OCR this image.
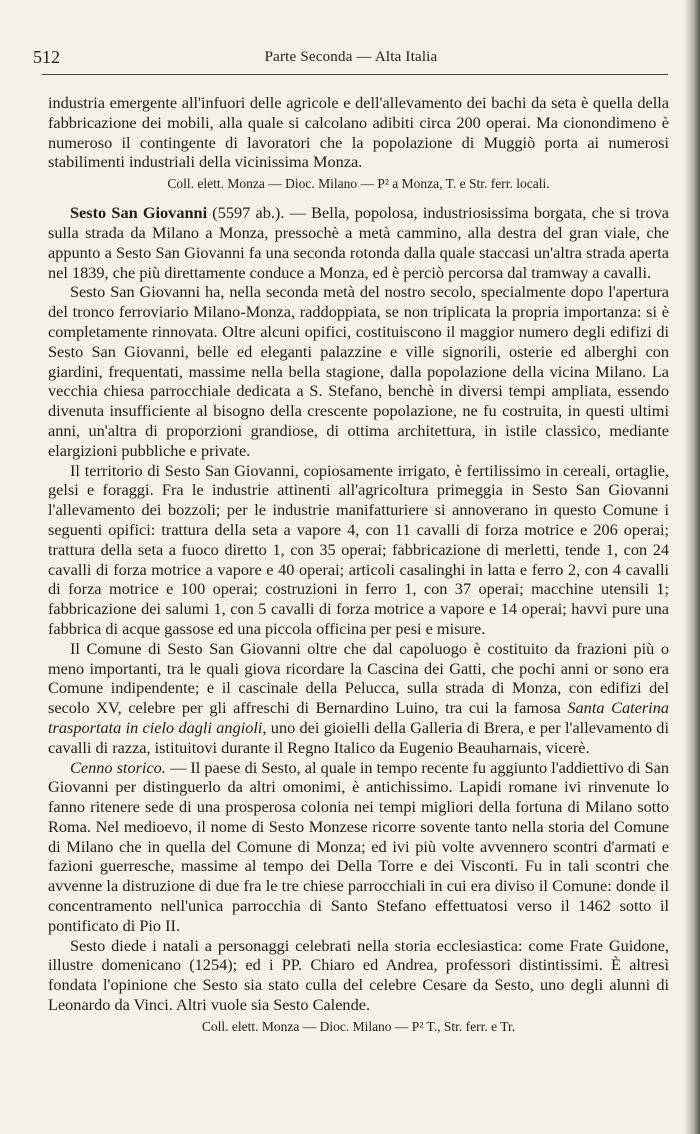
512	Parte Seconda — Alta Italia

industria emergente all'infuori delle agricole e dell'allevamento dei bachi da seta è quella della fabbricazione dei mobili, alla quale si calcolano adibiti circa 200 operai. Ma cionondimeno è numeroso il contingente di lavoratori che la popolazione di Muggiò porta ai numerosi stabilimenti industriali della vicinissima Monza.

Coll. elett. Monza — Dioc. Milano — P² a Monza, T. e Str. ferr. locali.

Sesto San Giovanni (5597 ab.). — Bella, popolosa, industriosissima borgata, che si trova sulla strada da Milano a Monza, pressochè a metà cammino, alla destra del gran viale, che appunto a Sesto San Giovanni fa una seconda rotonda dalla quale staccasi un'altra strada aperta nel 1839, che più direttamente conduce a Monza, ed è perciò percorsa dal tramway a cavalli.

Sesto San Giovanni ha, nella seconda metà del nostro secolo, specialmente dopo l'apertura del tronco ferroviario Milano-Monza, raddoppiata, se non triplicata la propria importanza: si è completamente rinnovata. Oltre alcuni opifici, costituiscono il maggior numero degli edifizi di Sesto San Giovanni, belle ed eleganti palazzine e ville signorili, osterie ed alberghi con giardini, frequentati, massime nella bella stagione, dalla popolazione della vicina Milano. La vecchia chiesa parrocchiale dedicata a S. Stefano, benchè in diversi tempi ampliata, essendo divenuta insufficiente al bisogno della crescente popolazione, ne fu costruita, in questi ultimi anni, un'altra di proporzioni grandiose, di ottima architettura, in istile classico, mediante elargizioni pubbliche e private.

Il territorio di Sesto San Giovanni, copiosamente irrigato, è fertilissimo in cereali, ortaglie, gelsi e foraggi. Fra le industrie attinenti all'agricoltura primeggia in Sesto San Giovanni l'allevamento dei bozzoli; per le industrie manifatturiere si annoverano in questo Comune i seguenti opifici: trattura della seta a vapore 4, con 11 cavalli di forza motrice e 206 operai; trattura della seta a fuoco diretto 1, con 35 operai; fabbricazione di merletti, tende 1, con 24 cavalli di forza motrice a vapore e 40 operai; articoli casalinghi in latta e ferro 2, con 4 cavalli di forza motrice e 100 operai; costruzioni in ferro 1, con 37 operai; macchine utensili 1; fabbricazione dei salumi 1, con 5 cavalli di forza motrice a vapore e 14 operai; havvi pure una fabbrica di acque gassose ed una piccola officina per pesi e misure.

Il Comune di Sesto San Giovanni oltre che dal capoluogo è costituito da frazioni più o meno importanti, tra le quali giova ricordare la Cascina dei Gatti, che pochi anni or sono era Comune indipendente; e il cascinale della Pelucca, sulla strada di Monza, con edifizi del secolo XV, celebre per gli affreschi di Bernardino Luino, tra cui la famosa Santa Caterina trasportata in cielo dagli angioli, uno dei gioielli della Galleria di Brera, e per l'allevamento di cavalli di razza, istituitovi durante il Regno Italico da Eugenio Beauharnais, vicerè.

Cenno storico. — Il paese di Sesto, al quale in tempo recente fu aggiunto l'addiettivo di San Giovanni per distinguerlo da altri omonimi, è antichissimo. Lapidi romane ivi rinvenute lo fanno ritenere sede di una prosperosa colonia nei tempi migliori della fortuna di Milano sotto Roma. Nel medioevo, il nome di Sesto Monzese ricorre sovente tanto nella storia del Comune di Milano che in quella del Comune di Monza; ed ivi più volte avvennero scontri d'armati e fazioni guerresche, massime al tempo dei Della Torre e dei Visconti. Fu in tali scontri che avvenne la distruzione di due fra le tre chiese parrocchiali in cui era diviso il Comune: donde il concentramento nell'unica parrocchia di Santo Stefano effettuatosi verso il 1462 sotto il pontificato di Pio II.

Sesto diede i natali a personaggi celebrati nella storia ecclesiastica: come Frate Guidone, illustre domenicano (1254); ed i PP. Chiaro ed Andrea, professori distintissimi. È altresì fondata l'opinione che Sesto sia stato culla del celebre Cesare da Sesto, uno degli alunni di Leonardo da Vinci. Altri vuole sia Sesto Calende.

Coll. elett. Monza — Dioc. Milano — P² T., Str. ferr. e Tr.
